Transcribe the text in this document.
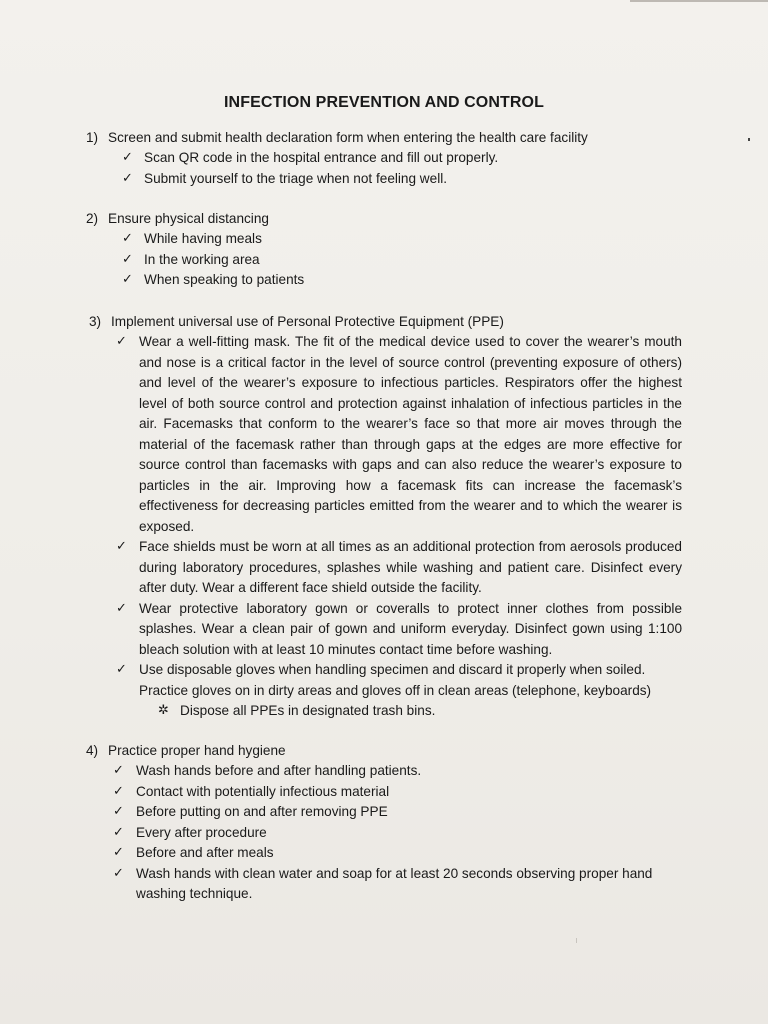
INFECTION PREVENTION AND CONTROL
1) Screen and submit health declaration form when entering the health care facility
✓ Scan QR code in the hospital entrance and fill out properly.
✓ Submit yourself to the triage when not feeling well.
2) Ensure physical distancing
✓ While having meals
✓ In the working area
✓ When speaking to patients
3) Implement universal use of Personal Protective Equipment (PPE)
✓ Wear a well-fitting mask. The fit of the medical device used to cover the wearer’s mouth and nose is a critical factor in the level of source control (preventing exposure of others) and level of the wearer’s exposure to infectious particles. Respirators offer the highest level of both source control and protection against inhalation of infectious particles in the air. Facemasks that conform to the wearer’s face so that more air moves through the material of the facemask rather than through gaps at the edges are more effective for source control than facemasks with gaps and can also reduce the wearer’s exposure to particles in the air. Improving how a facemask fits can increase the facemask’s effectiveness for decreasing particles emitted from the wearer and to which the wearer is exposed.
✓ Face shields must be worn at all times as an additional protection from aerosols produced during laboratory procedures, splashes while washing and patient care. Disinfect every after duty. Wear a different face shield outside the facility.
✓ Wear protective laboratory gown or coveralls to protect inner clothes from possible splashes. Wear a clean pair of gown and uniform everyday. Disinfect gown using 1:100 bleach solution with at least 10 minutes contact time before washing.
✓ Use disposable gloves when handling specimen and discard it properly when soiled. Practice gloves on in dirty areas and gloves off in clean areas (telephone, keyboards)
✲ Dispose all PPEs in designated trash bins.
4) Practice proper hand hygiene
✓ Wash hands before and after handling patients.
✓ Contact with potentially infectious material
✓ Before putting on and after removing PPE
✓ Every after procedure
✓ Before and after meals
✓ Wash hands with clean water and soap for at least 20 seconds observing proper hand washing technique.
